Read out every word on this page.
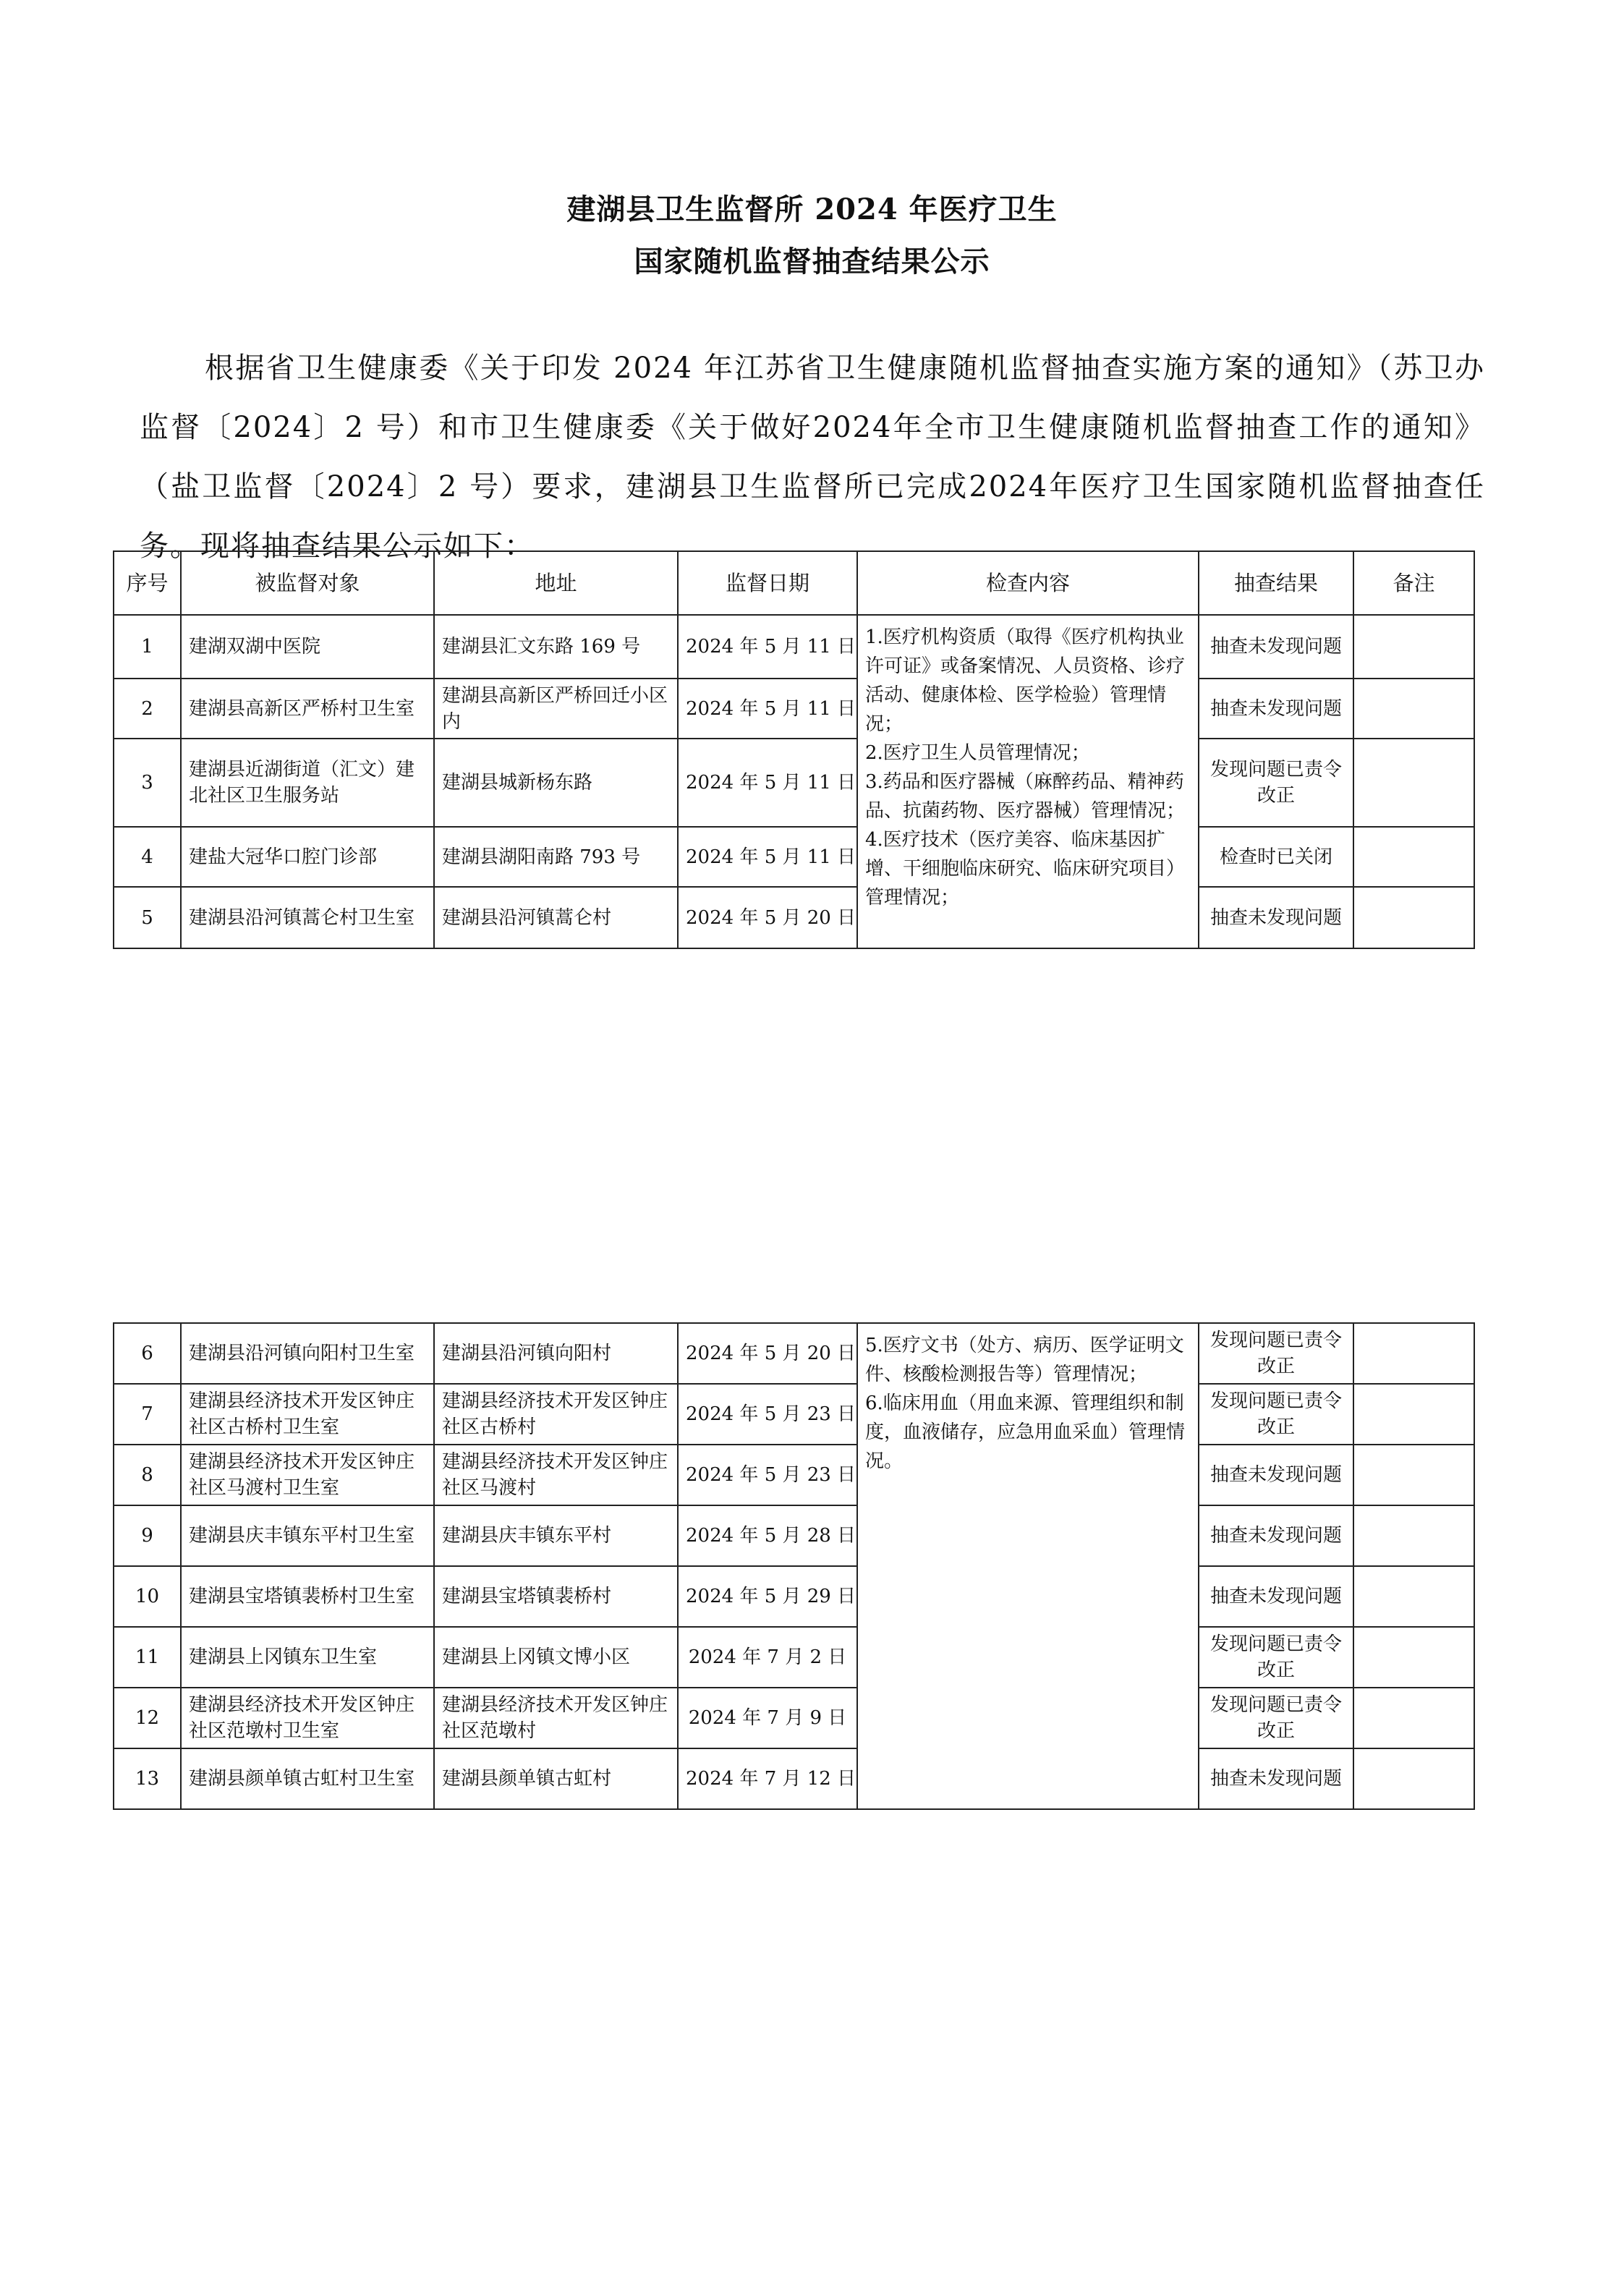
建湖县卫生监督所 2024 年医疗卫生
国家随机监督抽查结果公示
根据省卫生健康委《关于印发 2024 年江苏省卫生健康随机监督抽查实施方案的通知》（苏卫办监督〔2024〕2 号）和市卫生健康委《关于做好2024年全市卫生健康随机监督抽查工作的通知》（盐卫监督〔2024〕2 号）要求，建湖县卫生监督所已完成2024年医疗卫生国家随机监督抽查任务。现将抽查结果公示如下：
序号	被监督对象	地址	监督日期	检查内容	抽查结果	备注
1	建湖双湖中医院	建湖县汇文东路 169 号	2024 年 5 月 11 日	1.医疗机构资质（取得《医疗机构执业许可证》或备案情况、人员资格、诊疗活动、健康体检、医学检验）管理情况；
2.医疗卫生人员管理情况；
3.药品和医疗器械（麻醉药品、精神药品、抗菌药物、医疗器械）管理情况；
4.医疗技术（医疗美容、临床基因扩增、干细胞临床研究、临床研究项目）管理情况；	抽查未发现问题	
2	建湖县高新区严桥村卫生室	建湖县高新区严桥回迁小区内	2024 年 5 月 11 日		抽查未发现问题	
3	建湖县近湖街道（汇文）建北社区卫生服务站	建湖县城新杨东路	2024 年 5 月 11 日		发现问题已责令改正	
4	建盐大冠华口腔门诊部	建湖县湖阳南路 793 号	2024 年 5 月 11 日		检查时已关闭	
5	建湖县沿河镇蒿仑村卫生室	建湖县沿河镇蒿仑村	2024 年 5 月 20 日		抽查未发现问题	
6	建湖县沿河镇向阳村卫生室	建湖县沿河镇向阳村	2024 年 5 月 20 日	5.医疗文书（处方、病历、医学证明文件、核酸检测报告等）管理情况；
6.临床用血（用血来源、管理组织和制度，血液储存，应急用血采血）管理情况。	发现问题已责令改正	
7	建湖县经济技术开发区钟庄社区古桥村卫生室	建湖县经济技术开发区钟庄社区古桥村	2024 年 5 月 23 日		发现问题已责令改正	
8	建湖县经济技术开发区钟庄社区马渡村卫生室	建湖县经济技术开发区钟庄社区马渡村	2024 年 5 月 23 日		抽查未发现问题	
9	建湖县庆丰镇东平村卫生室	建湖县庆丰镇东平村	2024 年 5 月 28 日		抽查未发现问题	
10	建湖县宝塔镇裴桥村卫生室	建湖县宝塔镇裴桥村	2024 年 5 月 29 日		抽查未发现问题	
11	建湖县上冈镇东卫生室	建湖县上冈镇文博小区	2024 年 7 月 2 日		发现问题已责令改正	
12	建湖县经济技术开发区钟庄社区范墩村卫生室	建湖县经济技术开发区钟庄社区范墩村	2024 年 7 月 9 日		发现问题已责令改正	
13	建湖县颜单镇古虹村卫生室	建湖县颜单镇古虹村	2024 年 7 月 12 日		抽查未发现问题	
